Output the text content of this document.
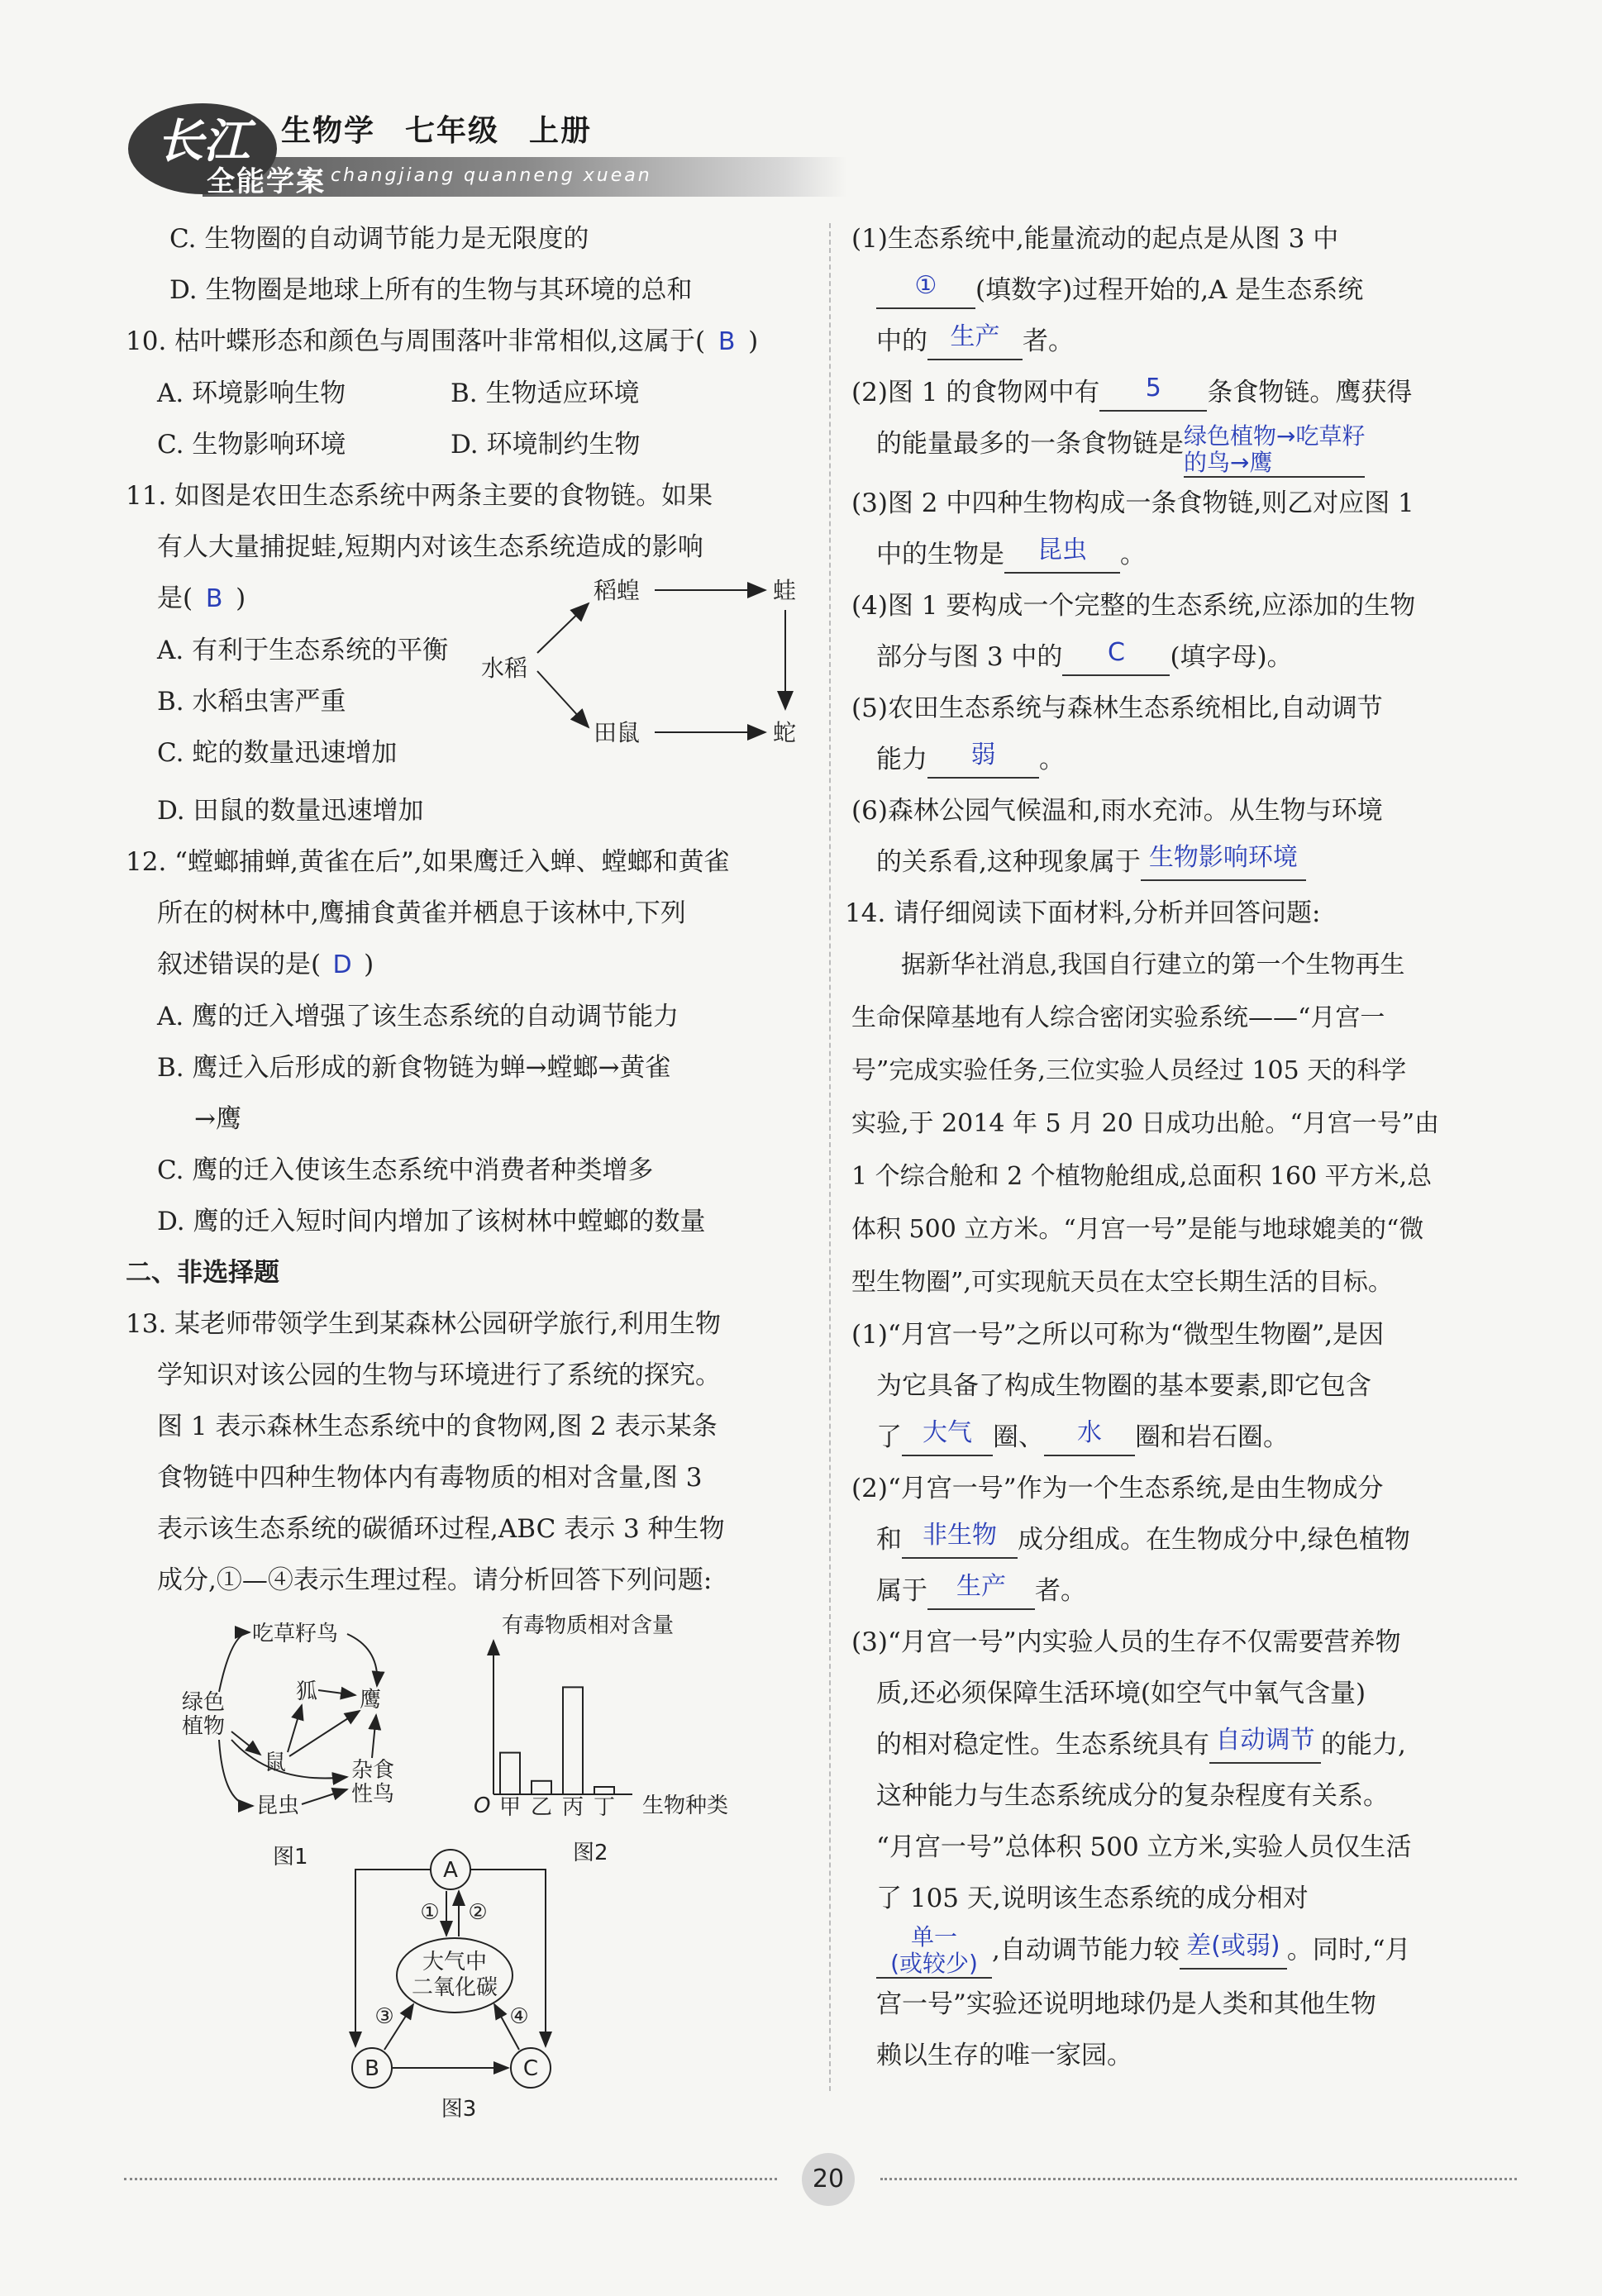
长江
全能学案
生物学 七年级 上册
changjiang quanneng xuean
C. 生物圈的自动调节能力是无限度的
D. 生物圈是地球上所有的生物与其环境的总和
10. 枯叶蝶形态和颜色与周围落叶非常相似,这属于( B )
A. 环境影响生物	B. 生物适应环境
C. 生物影响环境	D. 环境制约生物
11. 如图是农田生态系统中两条主要的食物链。如果
有人大量捕捉蛙,短期内对该生态系统造成的影响
是( B )
A. 有利于生态系统的平衡
B. 水稻虫害严重
C. 蛇的数量迅速增加
D. 田鼠的数量迅速增加
12. “螳螂捕蝉,黄雀在后”,如果鹰迁入蝉、螳螂和黄雀
所在的树林中,鹰捕食黄雀并栖息于该林中,下列
叙述错误的是( D )
A. 鹰的迁入增强了该生态系统的自动调节能力
B. 鹰迁入后形成的新食物链为蝉→螳螂→黄雀
→鹰
C. 鹰的迁入使该生态系统中消费者种类增多
D. 鹰的迁入短时间内增加了该树林中螳螂的数量
二、非选择题
13. 某老师带领学生到某森林公园研学旅行,利用生物
学知识对该公园的生物与环境进行了系统的探究。
图 1 表示森林生态系统中的食物网,图 2 表示某条
食物链中四种生物体内有毒物质的相对含量,图 3
表示该生态系统的碳循环过程,ABC 表示 3 种生物
成分,①—④表示生理过程。请分析回答下列问题:
水稻
稻蝗	蛙
田鼠	蛇
吃草籽鸟
绿色
植物
狐 鹰
鼠	杂食
性鸟
昆虫
图1
有毒物质相对含量
O	生物种类
图2
甲 乙 丙 丁
A
B	C
大气中
二氧化碳
① ②
③	④
图3
(1)生态系统中,能量流动的起点是从图 3 中
① (填数字)过程开始的,A 是生态系统
中的 生产 者。
(2)图 1 的食物网中有 5 条食物链。鹰获得
的能量最多的一条食物链是 绿色植物→吃草籽
的鸟→鹰
(3)图 2 中四种生物构成一条食物链,则乙对应图 1
中的生物是 昆虫 。
(4)图 1 要构成一个完整的生态系统,应添加的生物
部分与图 3 中的 C (填字母)。
(5)农田生态系统与森林生态系统相比,自动调节
能力 弱 。
(6)森林公园气候温和,雨水充沛。从生物与环境
的关系看,这种现象属于 生物影响环境
14. 请仔细阅读下面材料,分析并回答问题:
据新华社消息,我国自行建立的第一个生物再生
生命保障基地有人综合密闭实验系统——“月宫一
号”完成实验任务,三位实验人员经过 105 天的科学
实验,于 2014 年 5 月 20 日成功出舱。“月宫一号”由
1 个综合舱和 2 个植物舱组成,总面积 160 平方米,总
体积 500 立方米。“月宫一号”是能与地球媲美的“微
型生物圈”,可实现航天员在太空长期生活的目标。
(1)“月宫一号”之所以可称为“微型生物圈”,是因
为它具备了构成生物圈的基本要素,即它包含
了 大气 圈、 水 圈和岩石圈。
(2)“月宫一号”作为一个生态系统,是由生物成分
和 非生物 成分组成。在生物成分中,绿色植物
属于 生产 者。
(3)“月宫一号”内实验人员的生存不仅需要营养物
质,还必须保障生活环境(如空气中氧气含量)
的相对稳定性。生态系统具有 自动调节 的能力,
这种能力与生态系统成分的复杂程度有关系。
“月宫一号”总体积 500 立方米,实验人员仅生活
了 105 天,说明该生态系统的成分相对
单一
(或较少) ,自动调节能力较 差(或弱) 。同时,“月
宫一号”实验还说明地球仍是人类和其他生物
赖以生存的唯一家园。
20
